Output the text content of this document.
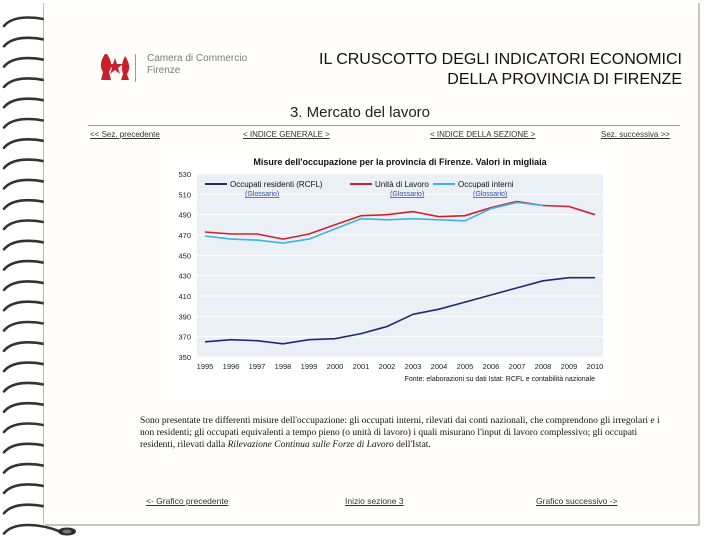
Camera di Commercio
Firenze
IL CRUSCOTTO DEGLI INDICATORI ECONOMICI
DELLA PROVINCIA DI FIRENZE
3. Mercato del lavoro
<< Sez. precedente	< INDICE GENERALE >	< INDICE DELLA SEZIONE >	Sez. successiva >>
Misure dell'occupazione per la provincia di Firenze. Valori in migliaia
350
370
390
410
430
450
470
490
510
530
1995 1996 1997 1998 1999 2000 2001 2002 2003 2004 2005 2006 2007 2008 2009 2010
Occupati residenti (RCFL)
(Glossario)
Unità di Lavoro
(Glossario)
Occupati interni
(Glossario)
Fonte: elaborazioni su dati Istat: RCFL e contabilità nazionale
Sono presentate tre differenti misure dell'occupazione: gli occupati interni, rilevati dai conti nazionali, che comprendono gli irregolari e i non residenti; gli occupati equivalenti a tempo pieno (o unità di lavoro) i quali misurano l'input di lavoro complessivo; gli occupati residenti, rilevati dalla Rilevazione Continua sulle Forze di Lavoro dell'Istat.
<- Grafico precedente	Inizio sezione 3	Grafico successivo ->
